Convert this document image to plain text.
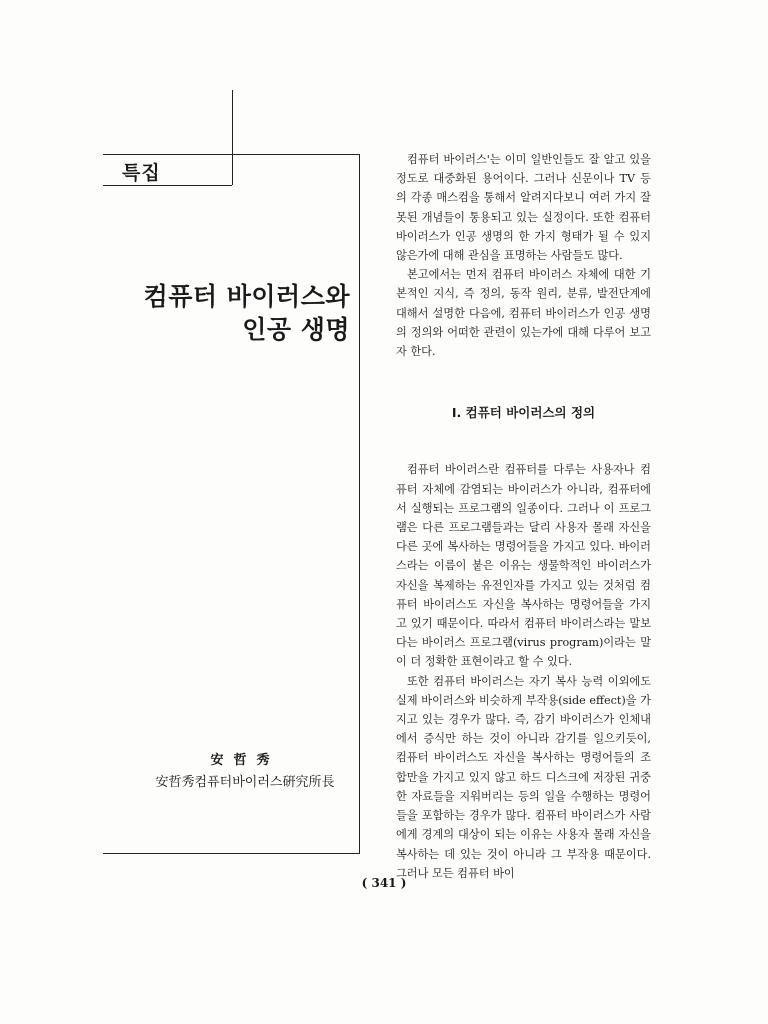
특집
컴퓨터 바이러스와
인공 생명
安哲秀
安哲秀컴퓨터바이러스硏究所長

컴퓨터 바이러스'는 이미 일반인들도 잘 알고 있을 정도로 대중화된 용어이다. 그러나 신문이나 TV 등의 각종 매스컴을 통해서 알려지다보니 여러 가지 잘못된 개념들이 통용되고 있는 실정이다. 또한 컴퓨터 바이러스가 인공 생명의 한 가지 형태가 될 수 있지 않은가에 대해 관심을 표명하는 사람들도 많다.

본고에서는 먼저 컴퓨터 바이러스 자체에 대한 기본적인 지식, 즉 정의, 동작 원리, 분류, 발전단계에 대해서 설명한 다음에, 컴퓨터 바이러스가 인공 생명의 정의와 어떠한 관련이 있는가에 대해 다루어 보고자 한다.

I. 컴퓨터 바이러스의 정의

컴퓨터 바이러스란 컴퓨터를 다루는 사용자나 컴퓨터 자체에 감염되는 바이러스가 아니라, 컴퓨터에서 실행되는 프로그램의 일종이다. 그러나 이 프로그램은 다른 프로그램들과는 달리 사용자 몰래 자신을 다른 곳에 복사하는 명령어들을 가지고 있다. 바이러스라는 이름이 붙은 이유는 생물학적인 바이러스가 자신을 복제하는 유전인자를 가지고 있는 것처럼 컴퓨터 바이러스도 자신을 복사하는 명령어들을 가지고 있기 때문이다. 따라서 컴퓨터 바이러스라는 말보다는 바이러스 프로그램(virus program)이라는 말이 더 정확한 표현이라고 할 수 있다.

또한 컴퓨터 바이러스는 자기 복사 능력 이외에도 실제 바이러스와 비슷하게 부작용(side effect)을 가지고 있는 경우가 많다. 즉, 감기 바이러스가 인체내에서 증식만 하는 것이 아니라 감기를 일으키듯이, 컴퓨터 바이러스도 자신을 복사하는 명령어들의 조합만을 가지고 있지 않고 하드 디스크에 저장된 귀중한 자료들을 지워버리는 등의 일을 수행하는 명령어들을 포함하는 경우가 많다. 컴퓨터 바이러스가 사람에게 경계의 대상이 되는 이유는 사용자 몰래 자신을 복사하는 데 있는 것이 아니라 그 부작용 때문이다. 그러나 모든 컴퓨터 바이

( 341 )
